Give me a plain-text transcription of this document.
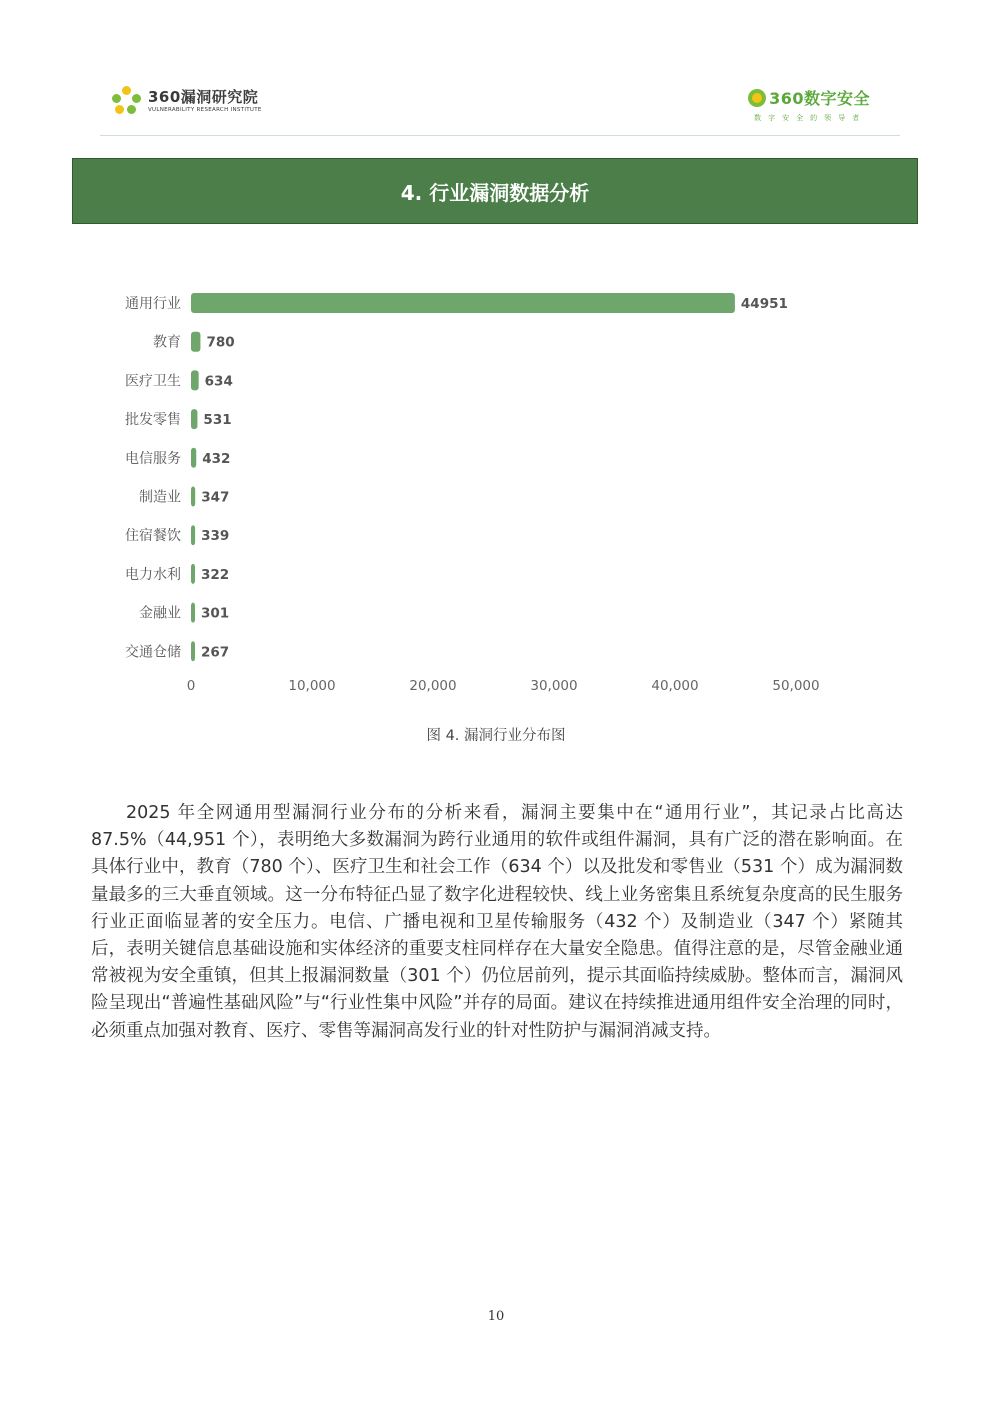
360漏洞研究院
VULNERABILITY RESEARCH INSTITUTE
360数字安全
数字安全的领导者
4. 行业漏洞数据分析
通用行业	44951
教育 780
医疗卫生 634
批发零售 531
电信服务 432
制造业 347
住宿餐饮 339
电力水利 322
金融业 301
交通仓储 267
0	10,000	20,000	30,000	40,000	50,000
图 4. 漏洞行业分布图
2025 年全网通用型漏洞行业分布的分析来看，漏洞主要集中在“通用行业”，其记录占比高达 87.5%（44,951 个），表明绝大多数漏洞为跨行业通用的软件或组件漏洞，具有广泛的潜在影响面。在具体行业中，教育（780 个）、医疗卫生和社会工作（634 个）以及批发和零售业（531 个）成为漏洞数量最多的三大垂直领域。这一分布特征凸显了数字化进程较快、线上业务密集且系统复杂度高的民生服务行业正面临显著的安全压力。电信、广播电视和卫星传输服务（432 个）及制造业（347 个）紧随其后，表明关键信息基础设施和实体经济的重要支柱同样存在大量安全隐患。值得注意的是，尽管金融业通常被视为安全重镇，但其上报漏洞数量（301 个）仍位居前列，提示其面临持续威胁。整体而言，漏洞风险呈现出“普遍性基础风险”与“行业性集中风险”并存的局面。建议在持续推进通用组件安全治理的同时，必须重点加强对教育、医疗、零售等漏洞高发行业的针对性防护与漏洞消减支持。
10
